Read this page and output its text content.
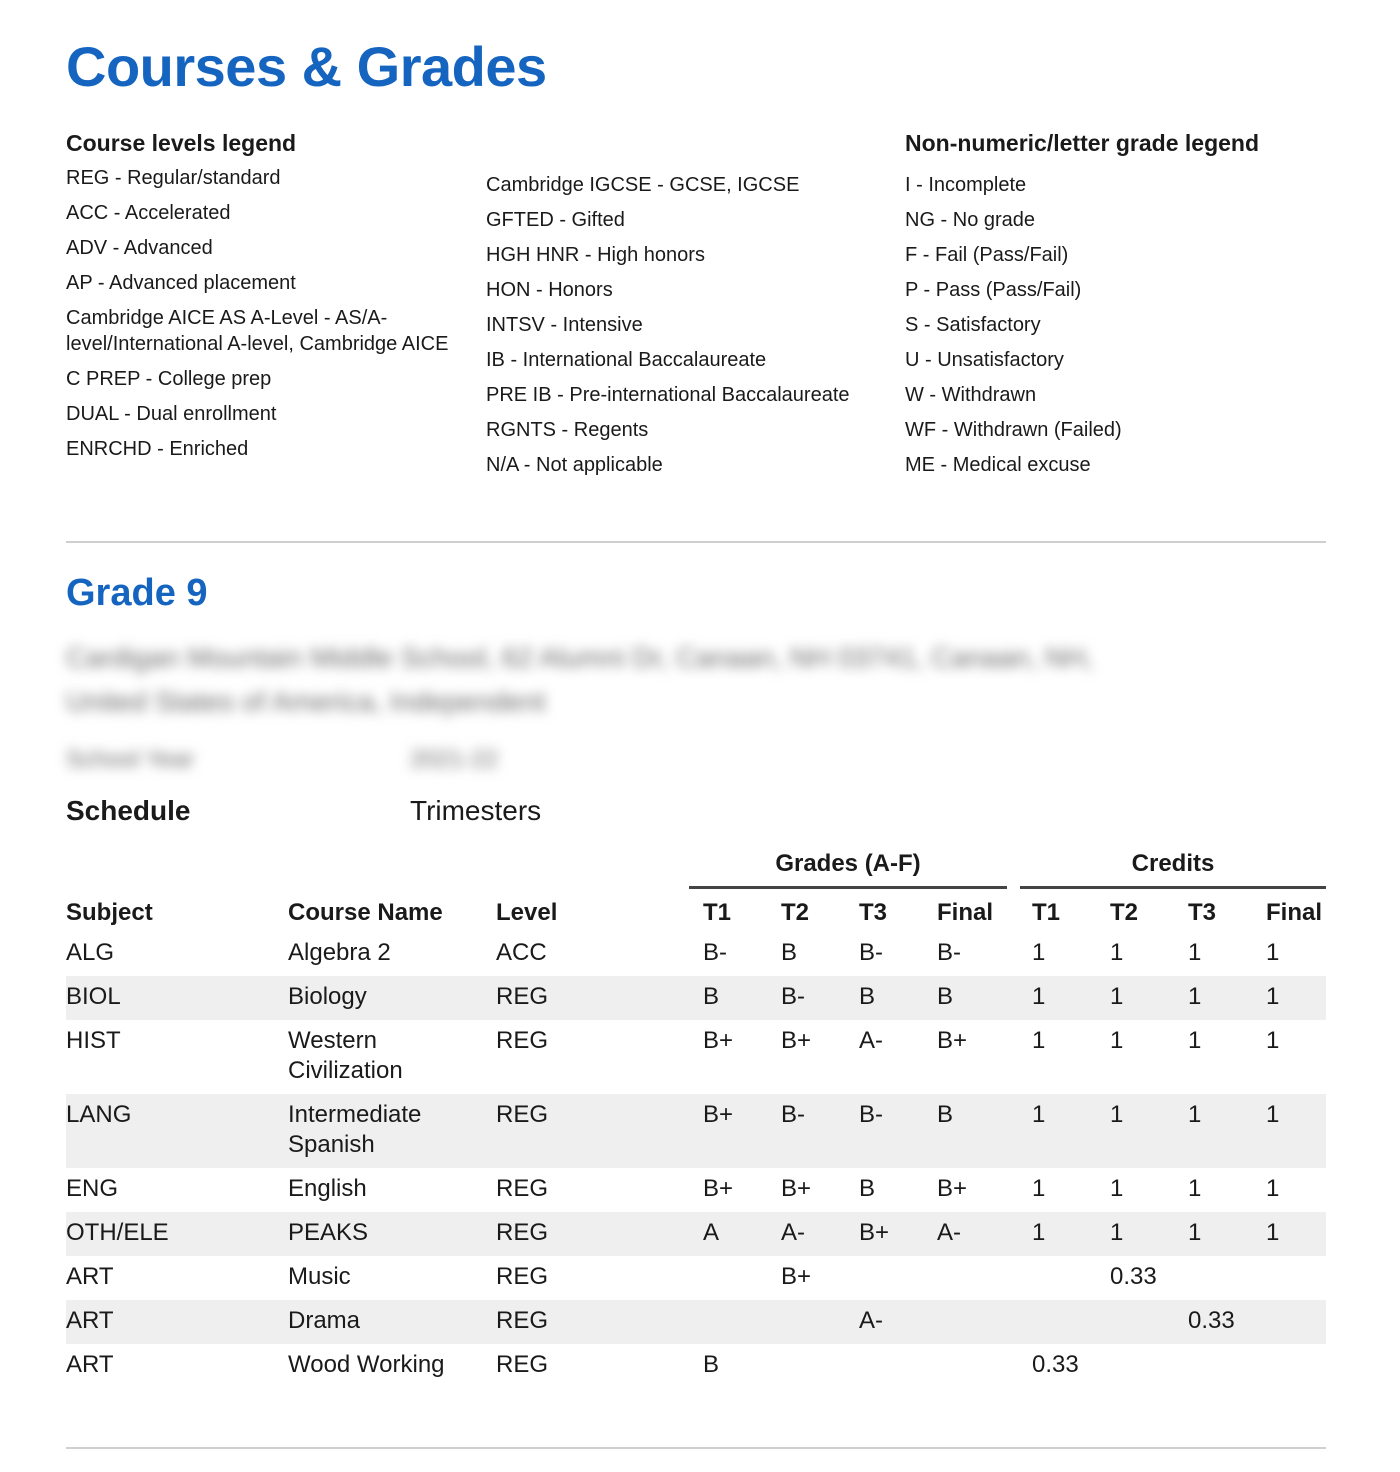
Courses & Grades
Course levels legend
REG - Regular/standard
ACC - Accelerated
ADV - Advanced
AP - Advanced placement
Cambridge AICE AS A-Level - AS/A-level/International A-level, Cambridge AICE
C PREP - College prep
DUAL - Dual enrollment
ENRCHD - Enriched
Cambridge IGCSE - GCSE, IGCSE
GFTED - Gifted
HGH HNR - High honors
HON - Honors
INTSV - Intensive
IB - International Baccalaureate
PRE IB - Pre-international Baccalaureate
RGNTS - Regents
N/A - Not applicable
Non-numeric/letter grade legend
I - Incomplete
NG - No grade
F - Fail (Pass/Fail)
P - Pass (Pass/Fail)
S - Satisfactory
U - Unsatisfactory
W - Withdrawn
WF - Withdrawn (Failed)
ME - Medical excuse
Grade 9
Cardigan Mountain Middle School, 62 Alumni Dr, Canaan, NH 03741, Canaan, NH,
United States of America, Independent
School Year	2021-22
Schedule	Trimesters
Grades (A-F)	Credits
Subject	Course Name	Level	T1	T2	T3	Final	T1	T2	T3	Final
ALG	Algebra 2	ACC	B-	B	B-	B-	1	1	1	1
BIOL	Biology	REG	B	B-	B	B	1	1	1	1
HIST	Western Civilization	REG	B+	B+	A-	B+	1	1	1	1
LANG	Intermediate Spanish	REG	B+	B-	B-	B	1	1	1	1
ENG	English	REG	B+	B+	B	B+	1	1	1	1
OTH/ELE	PEAKS	REG	A	A-	B+	A-	1	1	1	1
ART	Music	REG		B+				0.33		
ART	Drama	REG			A-				0.33	
ART	Wood Working	REG	B				0.33			
